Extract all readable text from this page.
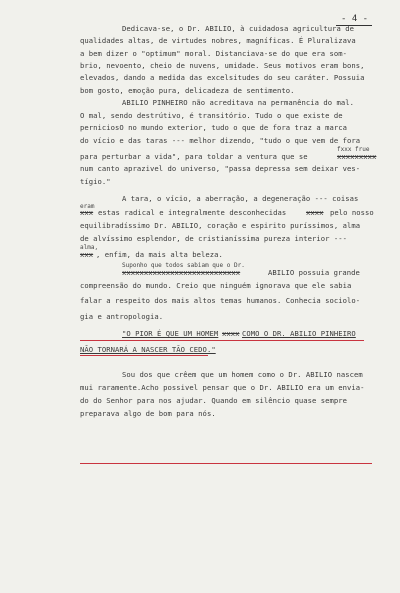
- 4 -
Dedicava-se, o Dr. ABILIO, à cuidadosa agricultura de
qualidades altas, de virtudes nobres, magníficas. É Pluralizava
a bem dizer o "optimum" moral. Distanciava-se do que era som-
brio, nevoento, cheio de nuvens, umidade. Seus motivos eram bons,
elevados, dando a medida das excelsitudes do seu caráter. Possuia
bom gosto, emoção pura, delicadeza de sentimento.
ABILIO PINHEIRO não acreditava na permanência do mal.
O mal, sendo destrútivo, é transitório. Tudo o que existe de
perniciosO no mundo exterior, tudo o que de fora traz a marca
do vício e das taras --- melhor dizendo, "tudo o que vem de fora
fxxx frue
para perturbar a vida", para toldar a ventura que se	xxxxxxxxx
num canto aprazivel do universo, "passa depressa sem deixar ves-
tígio."
A tara, o vício, a aberração, a degeneração --- coisas
eram
xxx estas radical e integralmente desconhecidas	xxxx pelo nosso
equilibradíssimo Dr. ABILIO, coração e espirito puríssimos, alma
de alvíssimo esplendor, de cristianíssima pureza interior ---
alma,
xxx , enfim, da mais alta beleza.
Suponho que todos sabiam que o Dr.
xxxxxxxxxxxxxxxxxxxxxxxxxxx	ABILIO possuia grande
compreensão do mundo. Creio que ninguém ignorava que ele sabia
falar a respeito dos mais altos temas humanos. Conhecia sociolo-
gia e antropologia.
"O PIOR É QUE UM HOMEM xxxx COMO O DR. ABILIO PINHEIRO
NÃO TORNARÁ A NASCER TÃO CEDO."
Sou dos que crêem que um homem como o Dr. ABILIO nascem
mui raramente.Acho possivel pensar que o Dr. ABILIO era um envia-
do do Senhor para nos ajudar. Quando em silêncio quase sempre
preparava algo de bom para nós.
